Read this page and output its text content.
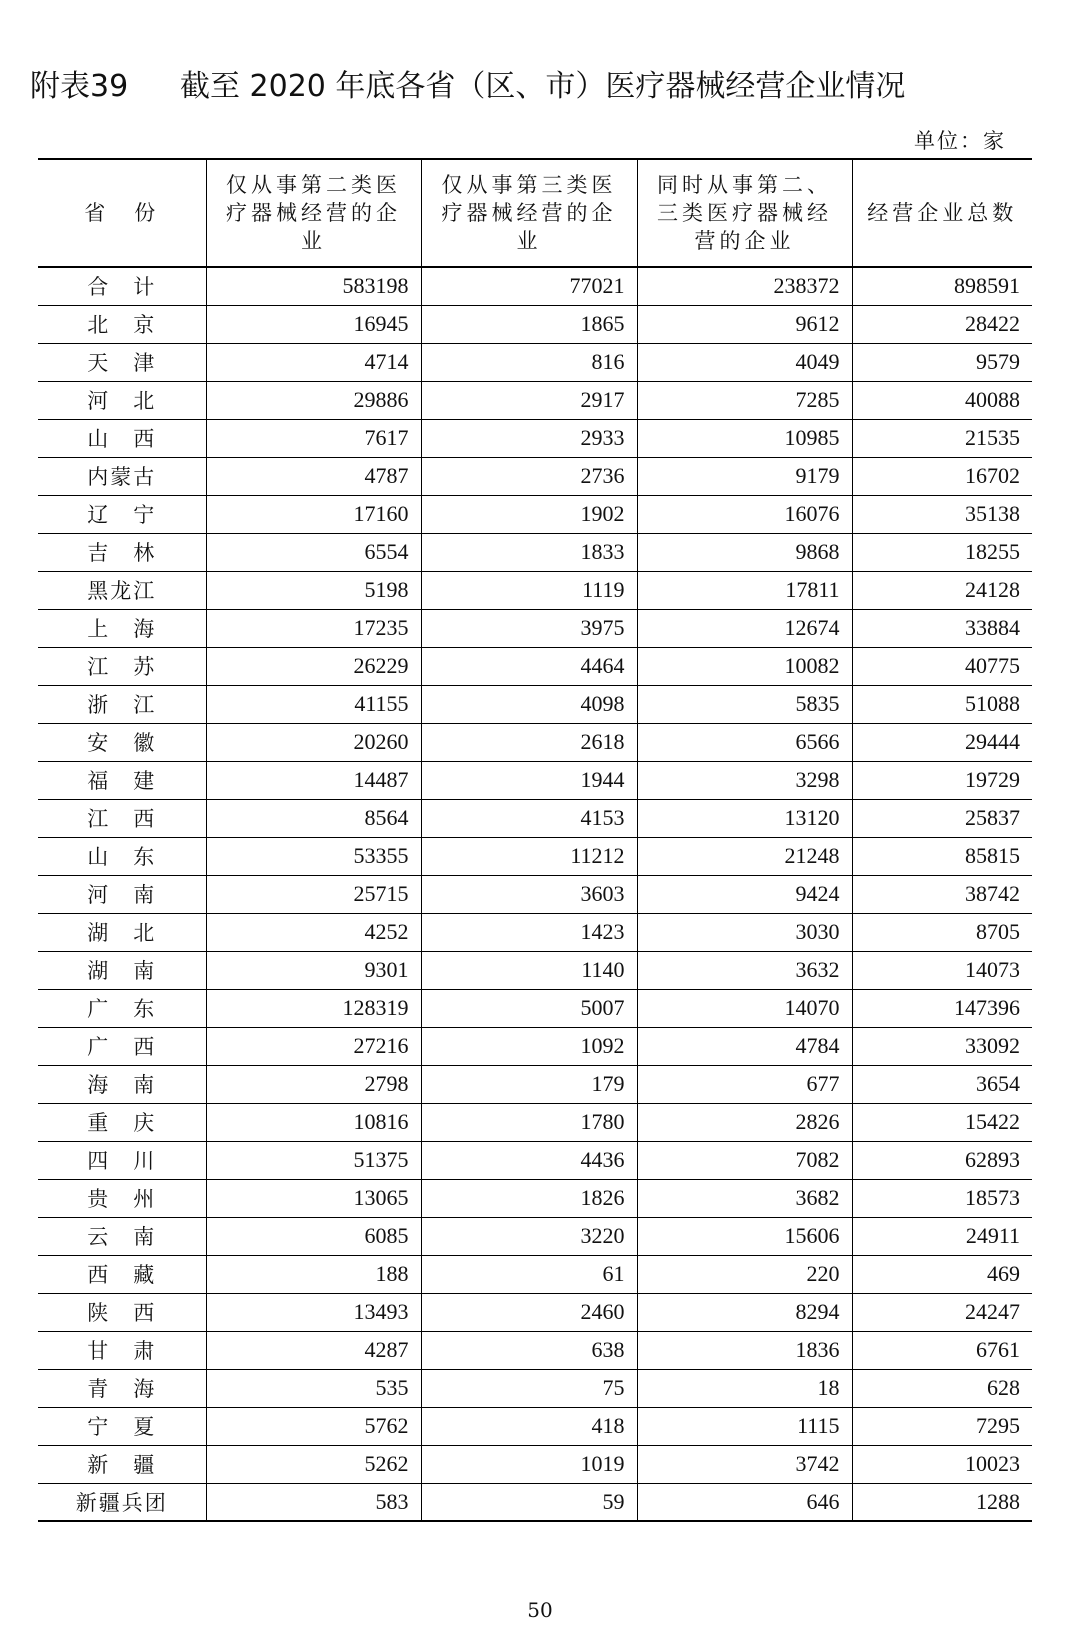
附表39 截至 2020 年底各省（区、市）医疗器械经营企业情况
单位：家
省　份	仅从事第二类医疗器械经营的企业	仅从事第三类医疗器械经营的企业	同时从事第二、三类医疗器械经营的企业	经营企业总数
合　计	583198	77021	238372	898591
北　京	16945	1865	9612	28422
天　津	4714	816	4049	9579
河　北	29886	2917	7285	40088
山　西	7617	2933	10985	21535
内蒙古	4787	2736	9179	16702
辽　宁	17160	1902	16076	35138
吉　林	6554	1833	9868	18255
黑龙江	5198	1119	17811	24128
上　海	17235	3975	12674	33884
江　苏	26229	4464	10082	40775
浙　江	41155	4098	5835	51088
安　徽	20260	2618	6566	29444
福　建	14487	1944	3298	19729
江　西	8564	4153	13120	25837
山　东	53355	11212	21248	85815
河　南	25715	3603	9424	38742
湖　北	4252	1423	3030	8705
湖　南	9301	1140	3632	14073
广　东	128319	5007	14070	147396
广　西	27216	1092	4784	33092
海　南	2798	179	677	3654
重　庆	10816	1780	2826	15422
四　川	51375	4436	7082	62893
贵　州	13065	1826	3682	18573
云　南	6085	3220	15606	24911
西　藏	188	61	220	469
陕　西	13493	2460	8294	24247
甘　肃	4287	638	1836	6761
青　海	535	75	18	628
宁　夏	5762	418	1115	7295
新　疆	5262	1019	3742	10023
新疆兵团	583	59	646	1288
50
